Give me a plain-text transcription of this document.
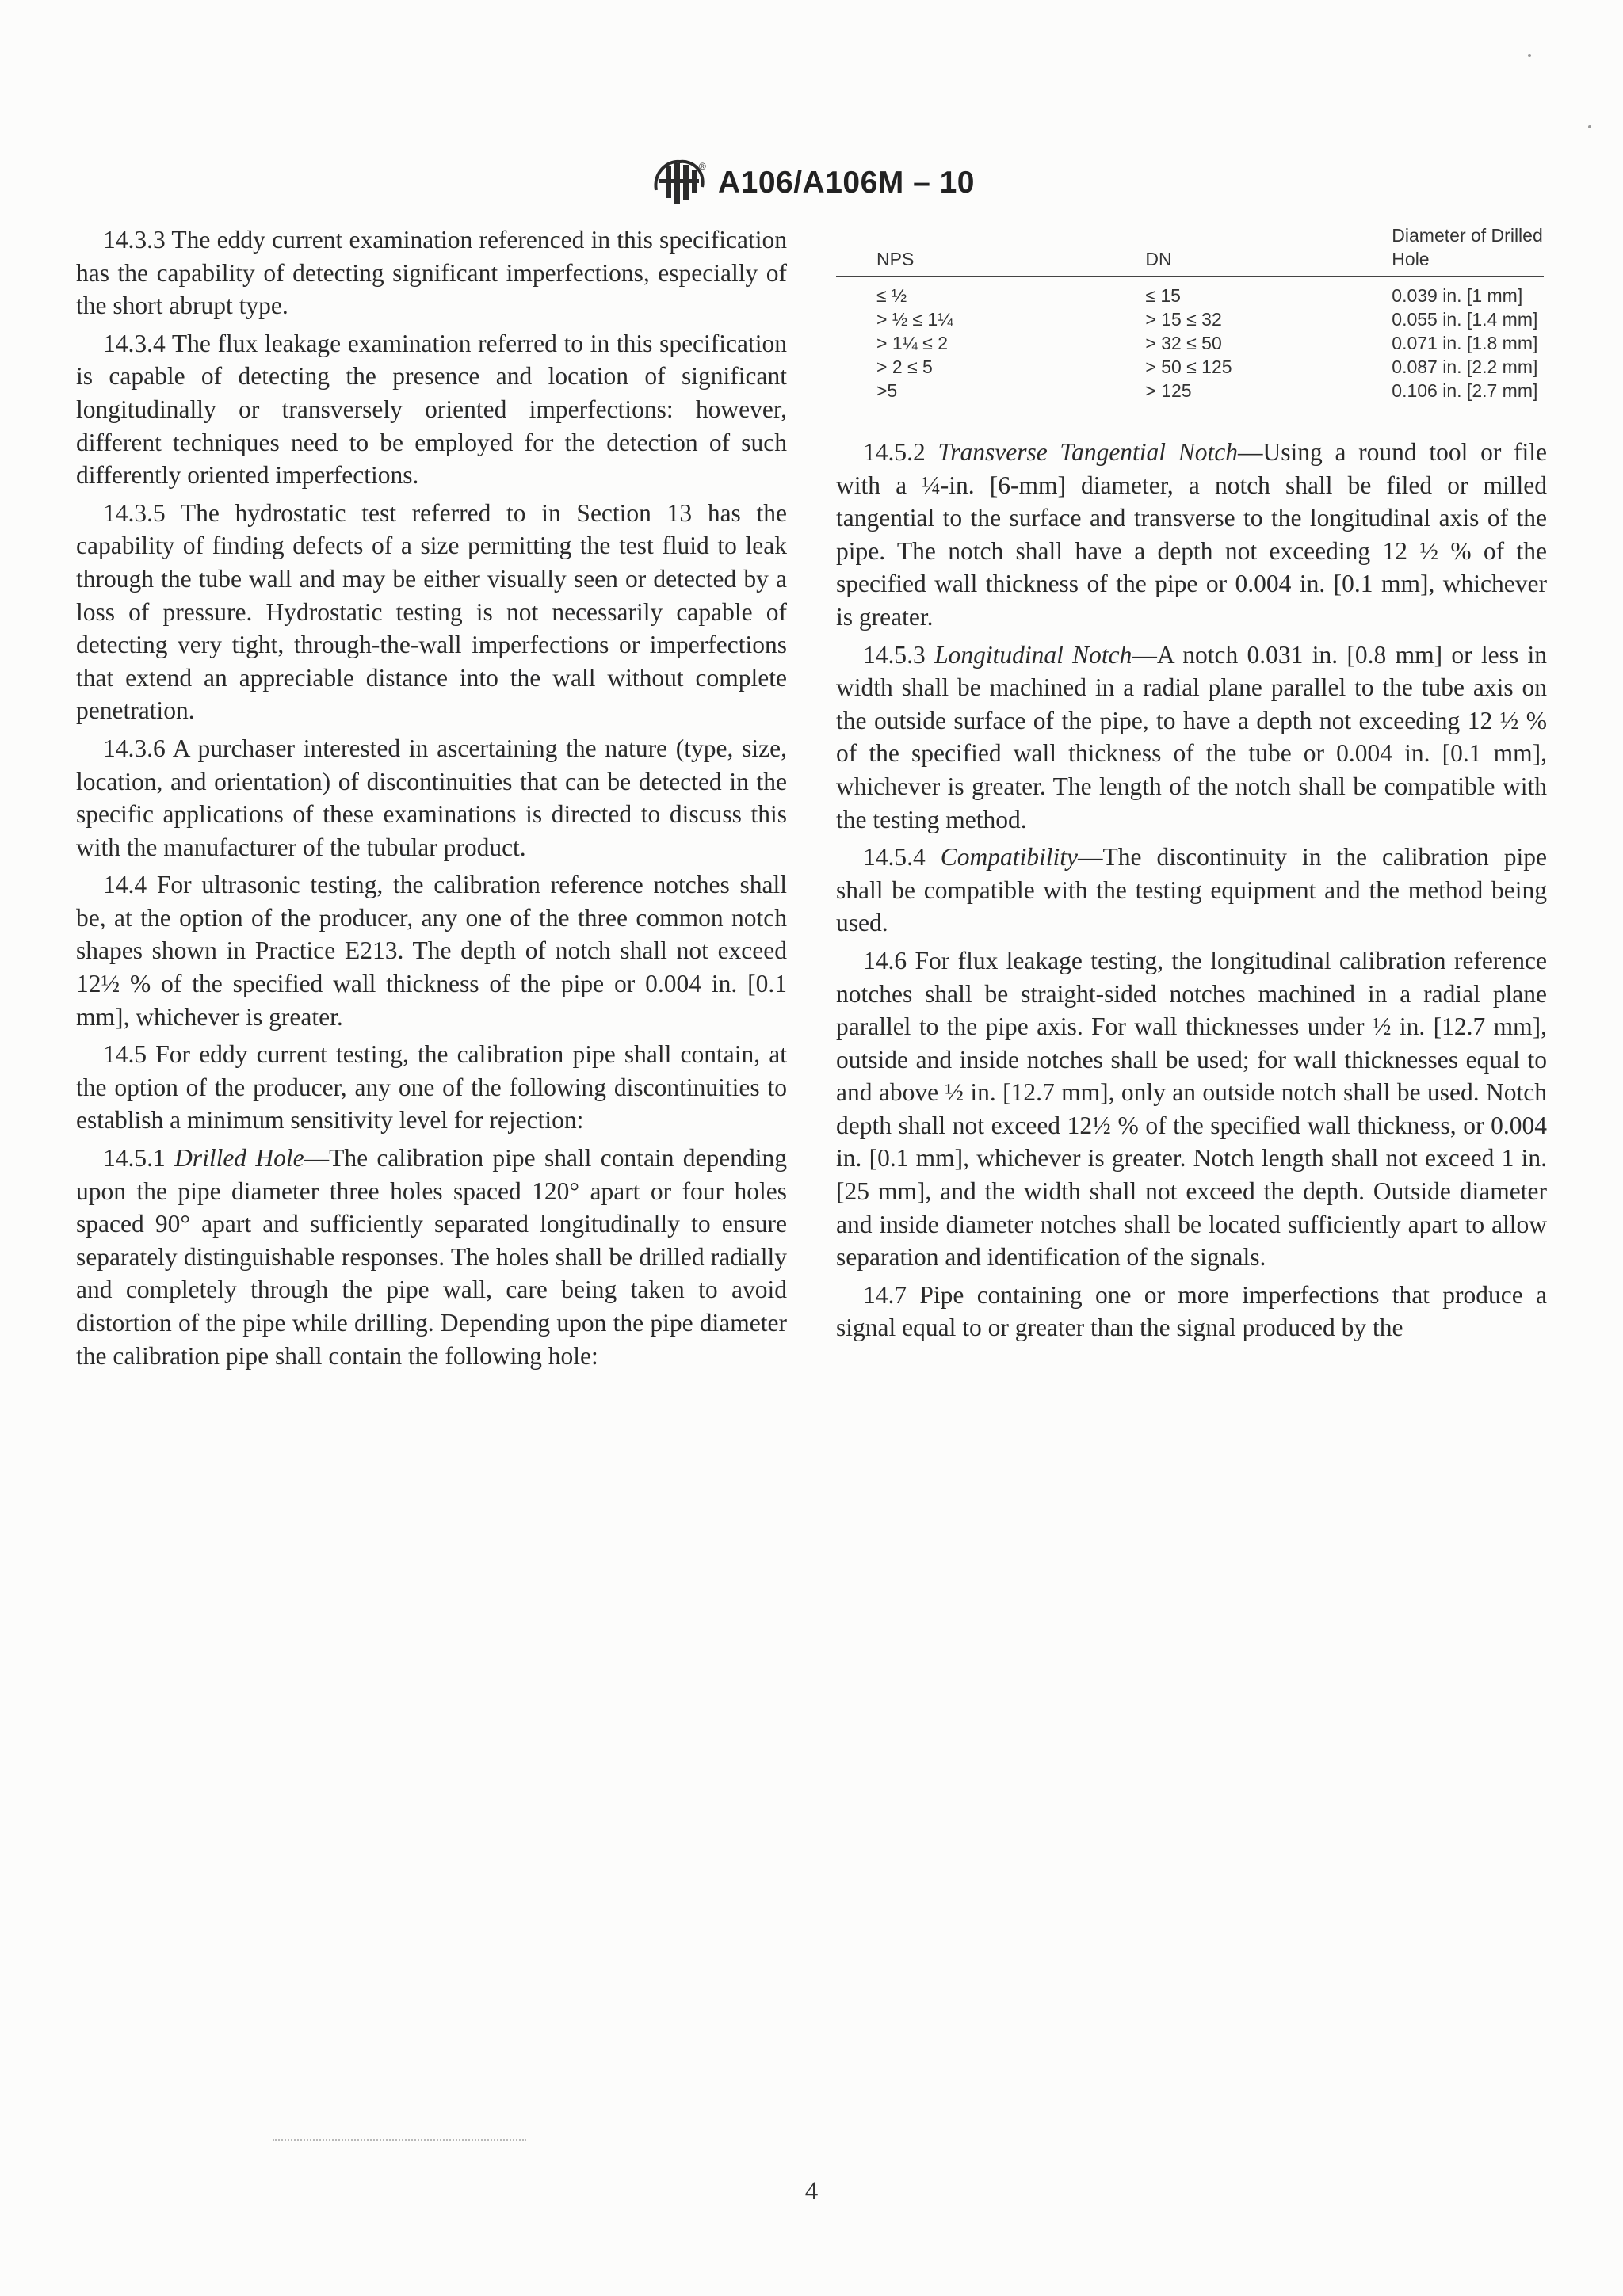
® A106/A106M – 10

14.3.3 The eddy current examination referenced in this specification has the capability of detecting significant imperfections, especially of the short abrupt type.

14.3.4 The flux leakage examination referred to in this specification is capable of detecting the presence and location of significant longitudinally or transversely oriented imperfections: however, different techniques need to be employed for the detection of such differently oriented imperfections.

14.3.5 The hydrostatic test referred to in Section 13 has the capability of finding defects of a size permitting the test fluid to leak through the tube wall and may be either visually seen or detected by a loss of pressure. Hydrostatic testing is not necessarily capable of detecting very tight, through-the-wall imperfections or imperfections that extend an appreciable distance into the wall without complete penetration.

14.3.6 A purchaser interested in ascertaining the nature (type, size, location, and orientation) of discontinuities that can be detected in the specific applications of these examinations is directed to discuss this with the manufacturer of the tubular product.

14.4 For ultrasonic testing, the calibration reference notches shall be, at the option of the producer, any one of the three common notch shapes shown in Practice E213. The depth of notch shall not exceed 12½ % of the specified wall thickness of the pipe or 0.004 in. [0.1 mm], whichever is greater.

14.5 For eddy current testing, the calibration pipe shall contain, at the option of the producer, any one of the following discontinuities to establish a minimum sensitivity level for rejection:

14.5.1 Drilled Hole—The calibration pipe shall contain depending upon the pipe diameter three holes spaced 120° apart or four holes spaced 90° apart and sufficiently separated longitudinally to ensure separately distinguishable responses. The holes shall be drilled radially and completely through the pipe wall, care being taken to avoid distortion of the pipe while drilling. Depending upon the pipe diameter the calibration pipe shall contain the following hole:

NPS	DN	Diameter of Drilled Hole
≤ ½	≤ 15	0.039 in. [1 mm]
> ½ ≤ 1¼	> 15 ≤ 32	0.055 in. [1.4 mm]
> 1¼ ≤ 2	> 32 ≤ 50	0.071 in. [1.8 mm]
> 2 ≤ 5	> 50 ≤ 125	0.087 in. [2.2 mm]
>5	> 125	0.106 in. [2.7 mm]

14.5.2 Transverse Tangential Notch—Using a round tool or file with a ¼-in. [6-mm] diameter, a notch shall be filed or milled tangential to the surface and transverse to the longitudinal axis of the pipe. The notch shall have a depth not exceeding 12 ½ % of the specified wall thickness of the pipe or 0.004 in. [0.1 mm], whichever is greater.

14.5.3 Longitudinal Notch—A notch 0.031 in. [0.8 mm] or less in width shall be machined in a radial plane parallel to the tube axis on the outside surface of the pipe, to have a depth not exceeding 12 ½ % of the specified wall thickness of the tube or 0.004 in. [0.1 mm], whichever is greater. The length of the notch shall be compatible with the testing method.

14.5.4 Compatibility—The discontinuity in the calibration pipe shall be compatible with the testing equipment and the method being used.

14.6 For flux leakage testing, the longitudinal calibration reference notches shall be straight-sided notches machined in a radial plane parallel to the pipe axis. For wall thicknesses under ½ in. [12.7 mm], outside and inside notches shall be used; for wall thicknesses equal to and above ½ in. [12.7 mm], only an outside notch shall be used. Notch depth shall not exceed 12½ % of the specified wall thickness, or 0.004 in. [0.1 mm], whichever is greater. Notch length shall not exceed 1 in. [25 mm], and the width shall not exceed the depth. Outside diameter and inside diameter notches shall be located sufficiently apart to allow separation and identification of the signals.

14.7 Pipe containing one or more imperfections that produce a signal equal to or greater than the signal produced by the

4
